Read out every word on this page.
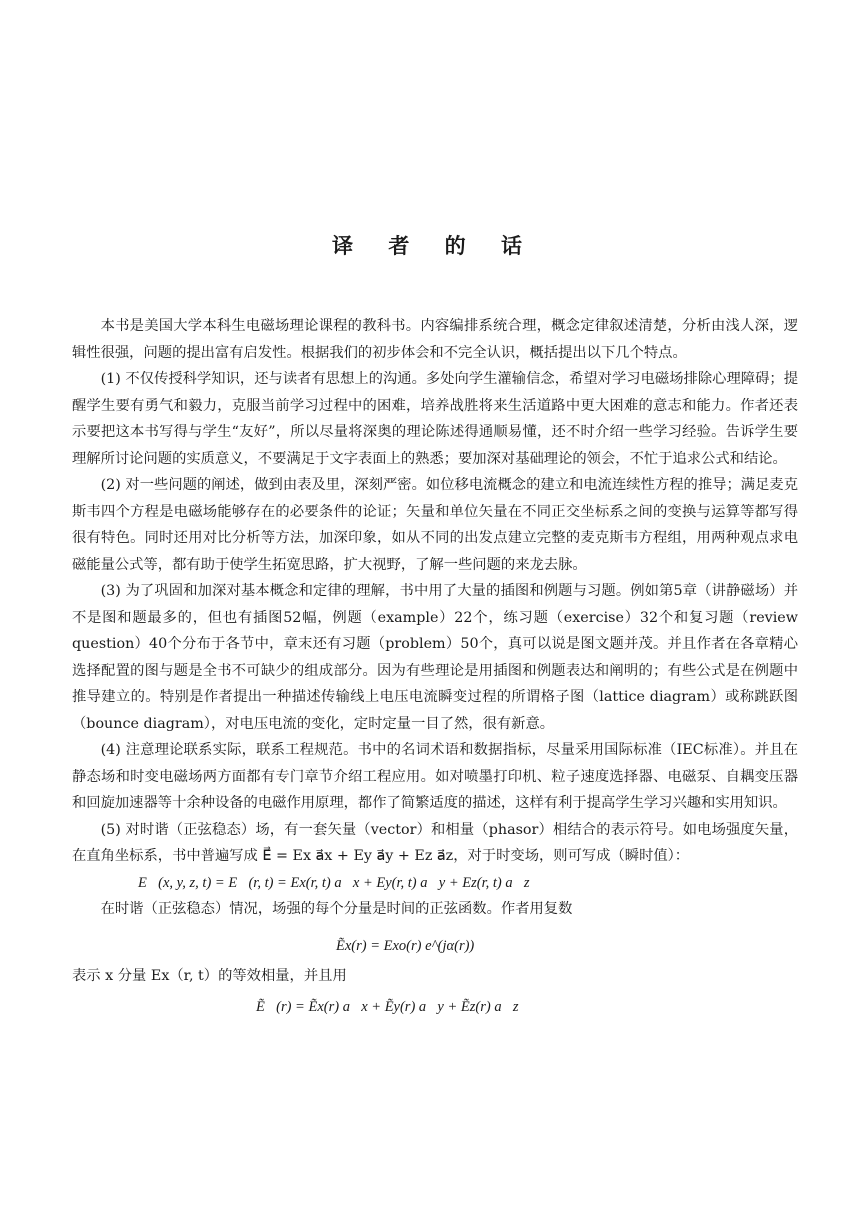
译 者 的 话

本书是美国大学本科生电磁场理论课程的教科书。内容编排系统合理，概念定律叙述清楚，分析由浅人深，逻辑性很强，问题的提出富有启发性。根据我们的初步体会和不完全认识，概括提出以下几个特点。

(1) 不仅传授科学知识，还与读者有思想上的沟通。多处向学生灌输信念，希望对学习电磁场排除心理障碍；提醒学生要有勇气和毅力，克服当前学习过程中的困难，培养战胜将来生活道路中更大困难的意志和能力。作者还表示要把这本书写得与学生“友好”，所以尽量将深奥的理论陈述得通顺易懂，还不时介绍一些学习经验。告诉学生要理解所讨论问题的实质意义，不要满足于文字表面上的熟悉；要加深对基础理论的领会，不忙于追求公式和结论。

(2) 对一些问题的阐述，做到由表及里，深刻严密。如位移电流概念的建立和电流连续性方程的推导；满足麦克斯韦四个方程是电磁场能够存在的必要条件的论证；矢量和单位矢量在不同正交坐标系之间的变换与运算等都写得很有特色。同时还用对比分析等方法，加深印象，如从不同的出发点建立完整的麦克斯韦方程组，用两种观点求电磁能量公式等，都有助于使学生拓宽思路，扩大视野，了解一些问题的来龙去脉。

(3) 为了巩固和加深对基本概念和定律的理解，书中用了大量的插图和例题与习题。例如第5章（讲静磁场）并不是图和题最多的，但也有插图52幅，例题（example）22个，练习题（exercise）32个和复习题（review question）40个分布于各节中，章末还有习题（problem）50个，真可以说是图文题并茂。并且作者在各章精心选择配置的图与题是全书不可缺少的组成部分。因为有些理论是用插图和例题表达和阐明的；有些公式是在例题中推导建立的。特别是作者提出一种描述传输线上电压电流瞬变过程的所谓格子图（lattice diagram）或称跳跃图（bounce diagram），对电压电流的变化，定时定量一目了然，很有新意。

(4) 注意理论联系实际，联系工程规范。书中的名词术语和数据指标，尽量采用国际标准（IEC标准）。并且在静态场和时变电磁场两方面都有专门章节介绍工程应用。如对喷墨打印机、粒子速度选择器、电磁泵、自耦变压器和回旋加速器等十余种设备的电磁作用原理，都作了简繁适度的描述，这样有利于提高学生学习兴趣和实用知识。

(5) 对时谐（正弦稳态）场，有一套矢量（vector）和相量（phasor）相结合的表示符号。如电场强度矢量，在直角坐标系，书中普遍写成 E⃗ = Ex a⃗x + Ey a⃗y + Ez a⃗z，对于时变场，则可写成（瞬时值）：

E⃗(x, y, z, t) = E⃗(r, t) = Ex(r, t) a⃗x + Ey(r, t) a⃗y + Ez(r, t) a⃗z

在时谐（正弦稳态）情况，场强的每个分量是时间的正弦函数。作者用复数

Ẽx(r) = Exo(r) e^(jα(r))

表示 x 分量 Ex（r, t）的等效相量，并且用

Ẽ⃗(r) = Ẽx(r) a⃗x + Ẽy(r) a⃗y + Ẽz(r) a⃗z
